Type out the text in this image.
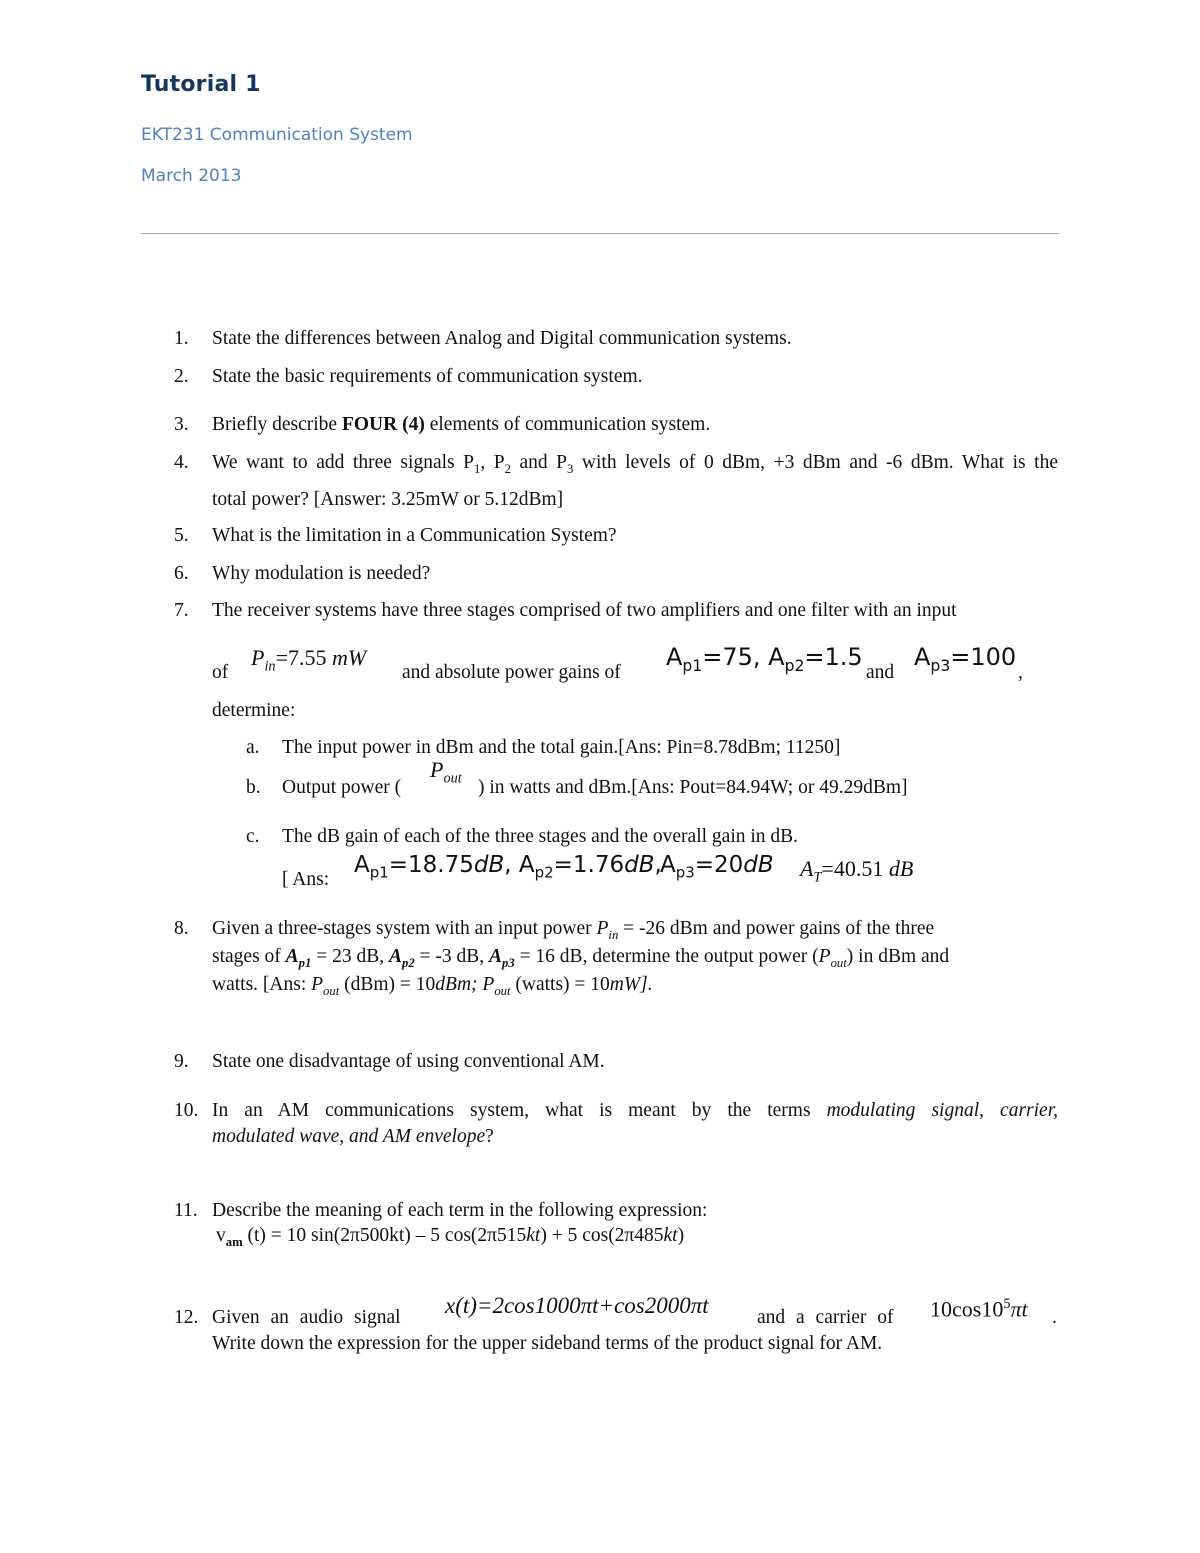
Tutorial 1
EKT231 Communication System
March 2013
1. State the differences between Analog and Digital communication systems.
2. State the basic requirements of communication system.
3. Briefly describe FOUR (4) elements of communication system.
4. We want to add three signals $P_1$, $P_2$ and $P_3$ with levels of 0 dBm, +3 dBm and -6 dBm. What is the
total power? [Answer: 3.25mW or 5.12dBm]
5. What is the limitation in a Communication System?
6. Why modulation is needed?
7. The receiver systems have three stages comprised of two amplifiers and one filter with an input
of
$P_{in}=7.55$ mW
and absolute power gains of
$A_{p1}=75$, $A_{p2}=1.5$
and
$A_{p3}=100$
,
determine:
a. The input power in dBm and the total gain.[Ans: Pin=8.78dBm; 11250]
b. Output power (
$P_{out}$ ) in watts and dBm.[Ans: Pout=84.94W; or 49.29dBm]
c. The dB gain of each of the three stages and the overall gain in dB.
[ Ans:
$A_{p1}=18.75dB$, $A_{p2}=1.76dB$,
$A_{p3}=20dB$ $A_T=40.51$ dB
8. Given a three-stages system with an input power $P_{in} = -26$ dBm and power gains of the three
stages of $A_{p1} = 23$ dB, $A_{p2} = -3$ dB, $A_{p3} = 16$ dB, determine the output power $(P_{out})$ in dBm and
watts. [Ans: $P_{out}$ (dBm) = 10dBm; $P_{out}$ (watts) = 10mW].
9. State one disadvantage of using conventional AM.
10. In an AM communications system, what is meant by the terms modulating signal, carrier,
modulated wave, and AM envelope?
11. Describe the meaning of each term in the following expression:
$v_{am}$ (t) = 10 sin(2π500kt) – 5 cos(2π515kt) + 5 cos(2π485kt)
12. Given an audio signal x(t)=2cos1000πt+cos2000πt and a carrier of $10\cos 10^5\pi t$ .
Write down the expression for the upper sideband terms of the product signal for AM.
